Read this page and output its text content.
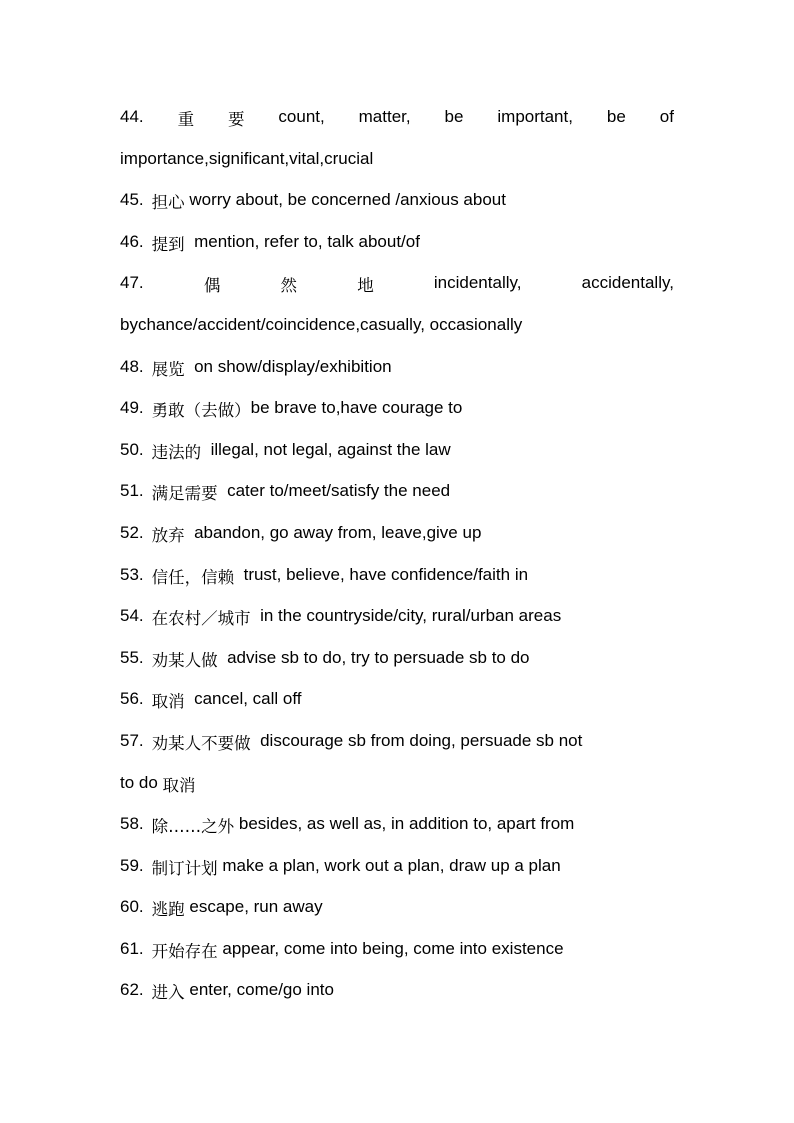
44. 重 要 count, matter, be important, be of
importance,significant,vital,crucial
45. 担心 worry about, be concerned /anxious about
46. 提到 mention, refer to, talk about/of
47.	偶	然	地	incidentally,	accidentally,
bychance/accident/coincidence,casually, occasionally
48. 展览 on show/display/exhibition
49. 勇敢（去做）be brave to,have courage to
50. 违法的 illegal, not legal, against the law
51. 满足需要 cater to/meet/satisfy the need
52. 放弃 abandon, go away from, leave,give up
53. 信任，信赖 trust, believe, have confidence/faith in
54. 在农村／城市 in the countryside/city, rural/urban areas
55. 劝某人做 advise sb to do, try to persuade sb to do
56. 取消 cancel, call off
57. 劝某人不要做 discourage sb from doing, persuade sb not
to do 取消
58. 除……之外 besides, as well as, in addition to, apart from
59. 制订计划 make a plan, work out a plan, draw up a plan
60. 逃跑 escape, run away
61. 开始存在 appear, come into being, come into existence
62. 进入 enter, come/go into
